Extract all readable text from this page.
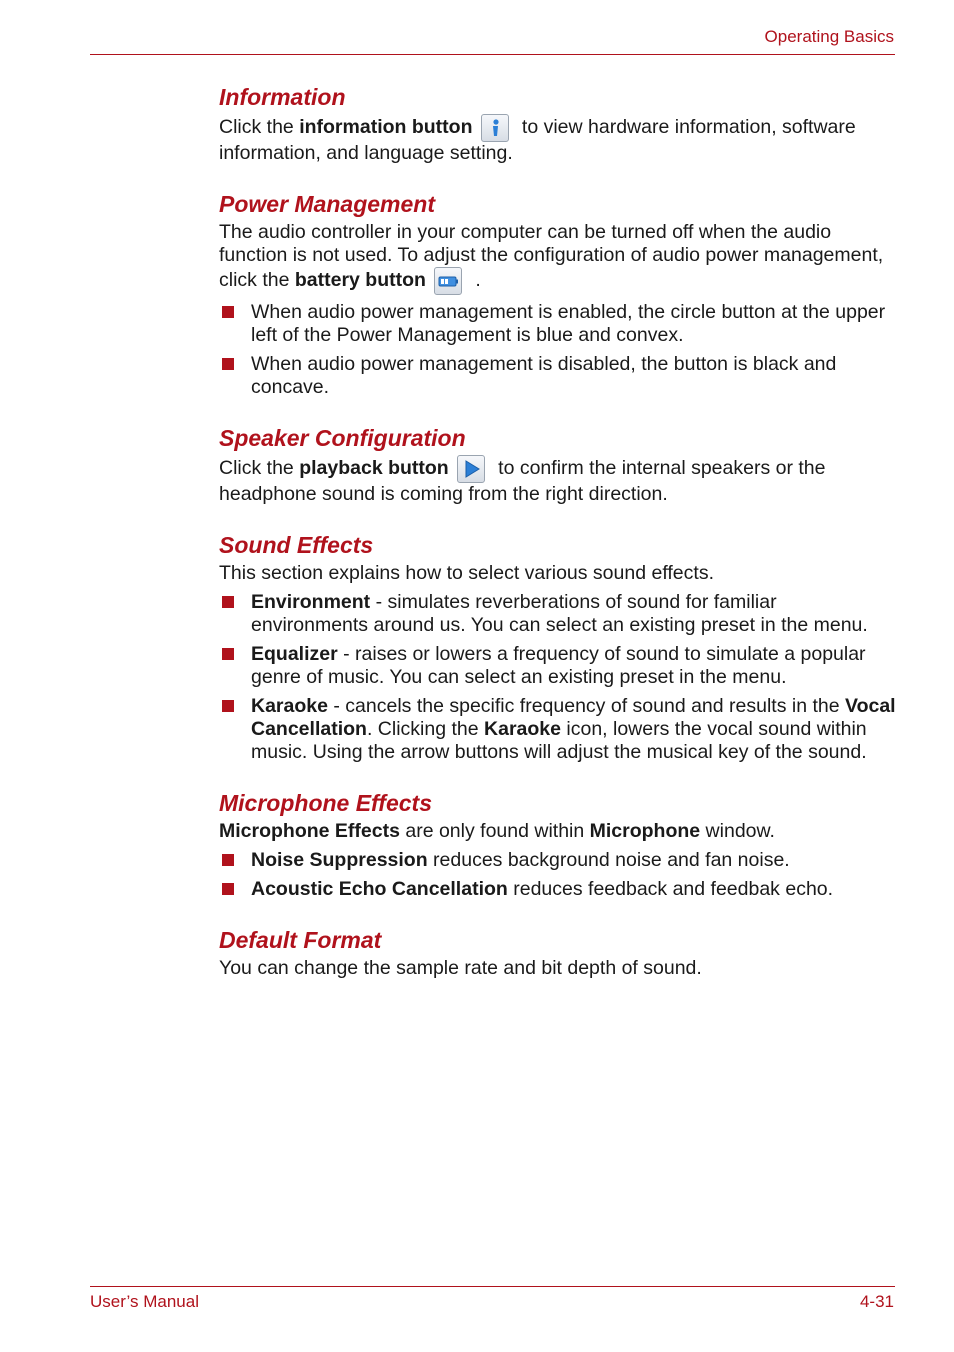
Operating Basics
Information

Click the information button to view hardware information, software information, and language setting.

Power Management

The audio controller in your computer can be turned off when the audio function is not used. To adjust the configuration of audio power management, click the battery button .

When audio power management is enabled, the circle button at the upper left of the Power Management is blue and convex.
When audio power management is disabled, the button is black and concave.
Speaker Configuration

Click the playback button to confirm the internal speakers or the headphone sound is coming from the right direction.

Sound Effects

This section explains how to select various sound effects.

Environment - simulates reverberations of sound for familiar environments around us. You can select an existing preset in the menu.
Equalizer - raises or lowers a frequency of sound to simulate a popular genre of music. You can select an existing preset in the menu.
Karaoke - cancels the specific frequency of sound and results in the Vocal Cancellation. Clicking the Karaoke icon, lowers the vocal sound within music. Using the arrow buttons will adjust the musical key of the sound.
Microphone Effects

Microphone Effects are only found within Microphone window.

Noise Suppression reduces background noise and fan noise.
Acoustic Echo Cancellation reduces feedback and feedbak echo.
Default Format

You can change the sample rate and bit depth of sound.

User’s Manual	4-31
